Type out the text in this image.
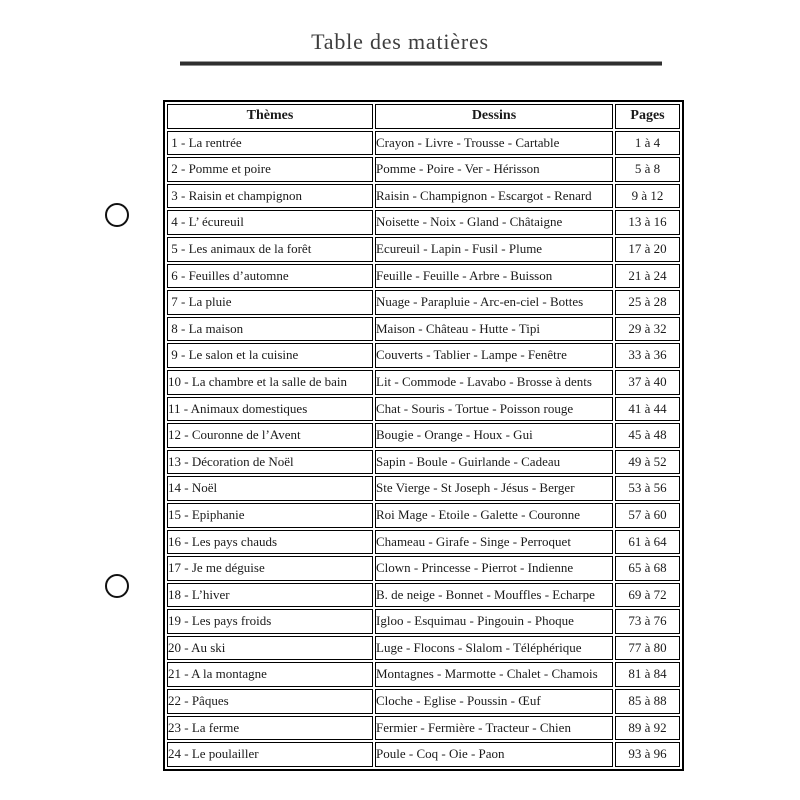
Table des matières
Thèmes	Dessins	Pages
1 - La rentrée	Crayon - Livre - Trousse - Cartable	1 à 4
2 - Pomme et poire	Pomme - Poire - Ver - Hérisson	5 à 8
3 - Raisin et champignon	Raisin - Champignon - Escargot - Renard	9 à 12
4 - L’ écureuil	Noisette - Noix - Gland - Châtaigne	13 à 16
5 - Les animaux de la forêt	Ecureuil - Lapin - Fusil - Plume	17 à 20
6 - Feuilles d’automne	Feuille - Feuille - Arbre - Buisson	21 à 24
7 - La pluie	Nuage - Parapluie - Arc-en-ciel - Bottes	25 à 28
8 - La maison	Maison - Château - Hutte - Tipi	29 à 32
9 - Le salon et la cuisine	Couverts - Tablier - Lampe - Fenêtre	33 à 36
10 - La chambre et la salle de bain	Lit - Commode - Lavabo - Brosse à dents	37 à 40
11 - Animaux domestiques	Chat - Souris - Tortue - Poisson rouge	41 à 44
12 - Couronne de l’Avent	Bougie - Orange - Houx - Gui	45 à 48
13 - Décoration de Noël	Sapin - Boule - Guirlande - Cadeau	49 à 52
14 - Noël	Ste Vierge - St Joseph - Jésus - Berger	53 à 56
15 - Epiphanie	Roi Mage - Etoile - Galette - Couronne	57 à 60
16 - Les pays chauds	Chameau - Girafe - Singe - Perroquet	61 à 64
17 - Je me déguise	Clown - Princesse - Pierrot - Indienne	65 à 68
18 - L’hiver	B. de neige - Bonnet - Mouffles - Echarpe	69 à 72
19 - Les pays froids	Igloo - Esquimau - Pingouin - Phoque	73 à 76
20 - Au ski	Luge - Flocons - Slalom - Téléphérique	77 à 80
21 - A la montagne	Montagnes - Marmotte - Chalet - Chamois	81 à 84
22 - Pâques	Cloche - Eglise - Poussin - Œuf	85 à 88
23 - La ferme	Fermier - Fermière - Tracteur - Chien	89 à 92
24 - Le poulailler	Poule - Coq - Oie - Paon	93 à 96
